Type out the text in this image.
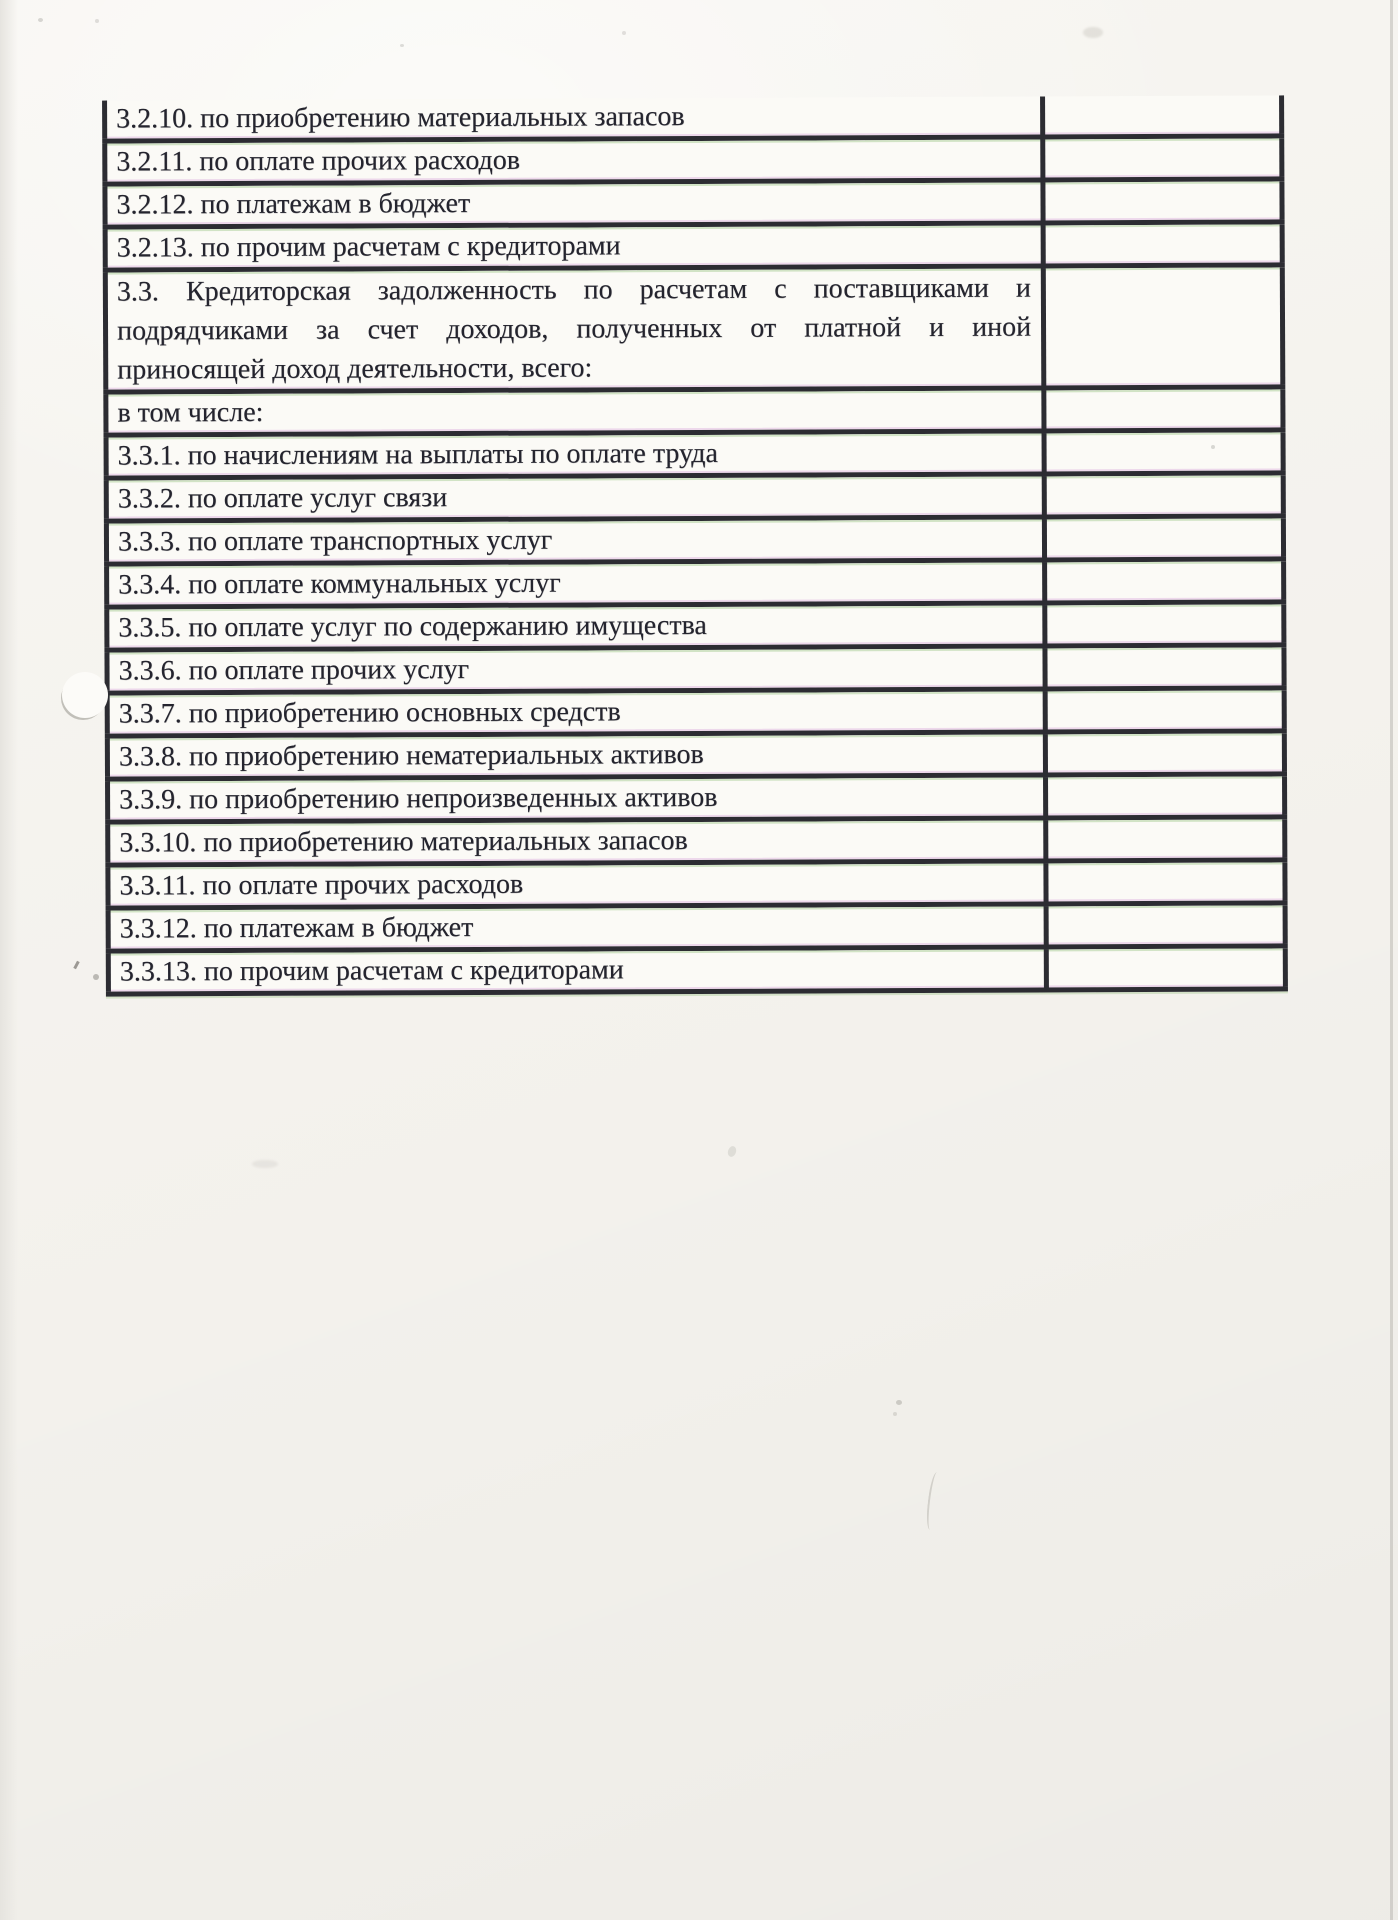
3.2.10. по приобретению материальных запасов
3.2.11. по оплате прочих расходов
3.2.12. по платежам в бюджет
3.2.13. по прочим расчетам с кредиторами
3.3. Кредиторская задолженность по расчетам с поставщиками и
подрядчиками за счет доходов, полученных от платной и иной
приносящей доход деятельности, всего:
в том числе:
3.3.1. по начислениям на выплаты по оплате труда
3.3.2. по оплате услуг связи
3.3.3. по оплате транспортных услуг
3.3.4. по оплате коммунальных услуг
3.3.5. по оплате услуг по содержанию имущества
3.3.6. по оплате прочих услуг
3.3.7. по приобретению основных средств
3.3.8. по приобретению нематериальных активов
3.3.9. по приобретению непроизведенных активов
3.3.10. по приобретению материальных запасов
3.3.11. по оплате прочих расходов
3.3.12. по платежам в бюджет
3.3.13. по прочим расчетам с кредиторами
